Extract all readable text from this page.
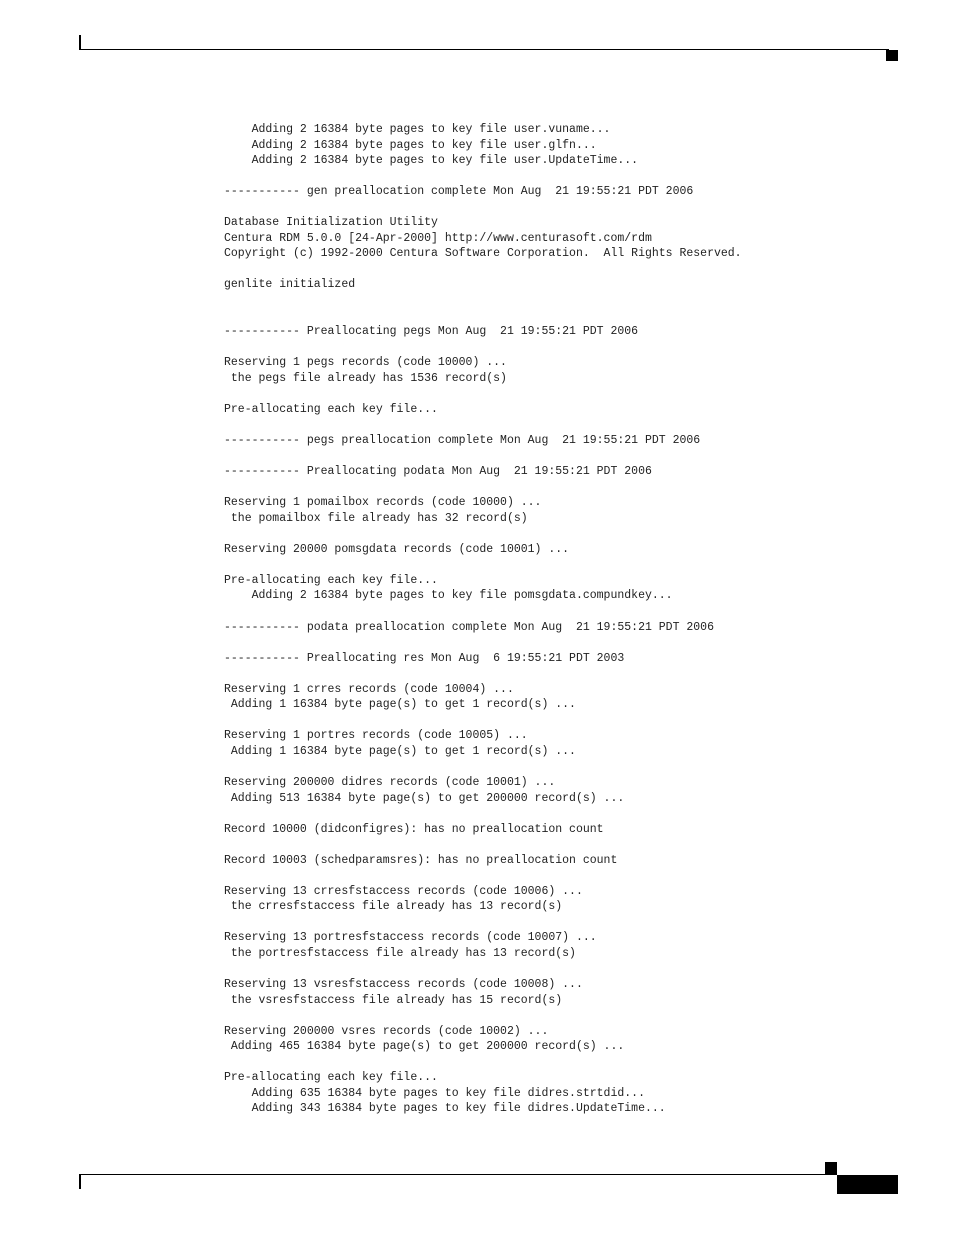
Adding 2 16384 byte pages to key file user.vuname...
Adding 2 16384 byte pages to key file user.glfn...
Adding 2 16384 byte pages to key file user.UpdateTime...
----------- gen preallocation complete Mon Aug  21 19:55:21 PDT 2006
Database Initialization Utility
Centura RDM 5.0.0 [24-Apr-2000] http://www.centurasoft.com/rdm
Copyright (c) 1992-2000 Centura Software Corporation.  All Rights Reserved.
genlite initialized
----------- Preallocating pegs Mon Aug  21 19:55:21 PDT 2006
Reserving 1 pegs records (code 10000) ...
the pegs file already has 1536 record(s)
Pre-allocating each key file...
----------- pegs preallocation complete Mon Aug  21 19:55:21 PDT 2006
----------- Preallocating podata Mon Aug  21 19:55:21 PDT 2006
Reserving 1 pomailbox records (code 10000) ...
the pomailbox file already has 32 record(s)
Reserving 20000 pomsgdata records (code 10001) ...
Pre-allocating each key file...
Adding 2 16384 byte pages to key file pomsgdata.compundkey...
----------- podata preallocation complete Mon Aug  21 19:55:21 PDT 2006
----------- Preallocating res Mon Aug  6 19:55:21 PDT 2003
Reserving 1 crres records (code 10004) ...
Adding 1 16384 byte page(s) to get 1 record(s) ...
Reserving 1 portres records (code 10005) ...
Adding 1 16384 byte page(s) to get 1 record(s) ...
Reserving 200000 didres records (code 10001) ...
Adding 513 16384 byte page(s) to get 200000 record(s) ...
Record 10000 (didconfigres): has no preallocation count
Record 10003 (schedparamsres): has no preallocation count
Reserving 13 crresfstaccess records (code 10006) ...
the crresfstaccess file already has 13 record(s)
Reserving 13 portresfstaccess records (code 10007) ...
the portresfstaccess file already has 13 record(s)
Reserving 13 vsresfstaccess records (code 10008) ...
the vsresfstaccess file already has 15 record(s)
Reserving 200000 vsres records (code 10002) ...
Adding 465 16384 byte page(s) to get 200000 record(s) ...
Pre-allocating each key file...
Adding 635 16384 byte pages to key file didres.strtdid...
Adding 343 16384 byte pages to key file didres.UpdateTime...
